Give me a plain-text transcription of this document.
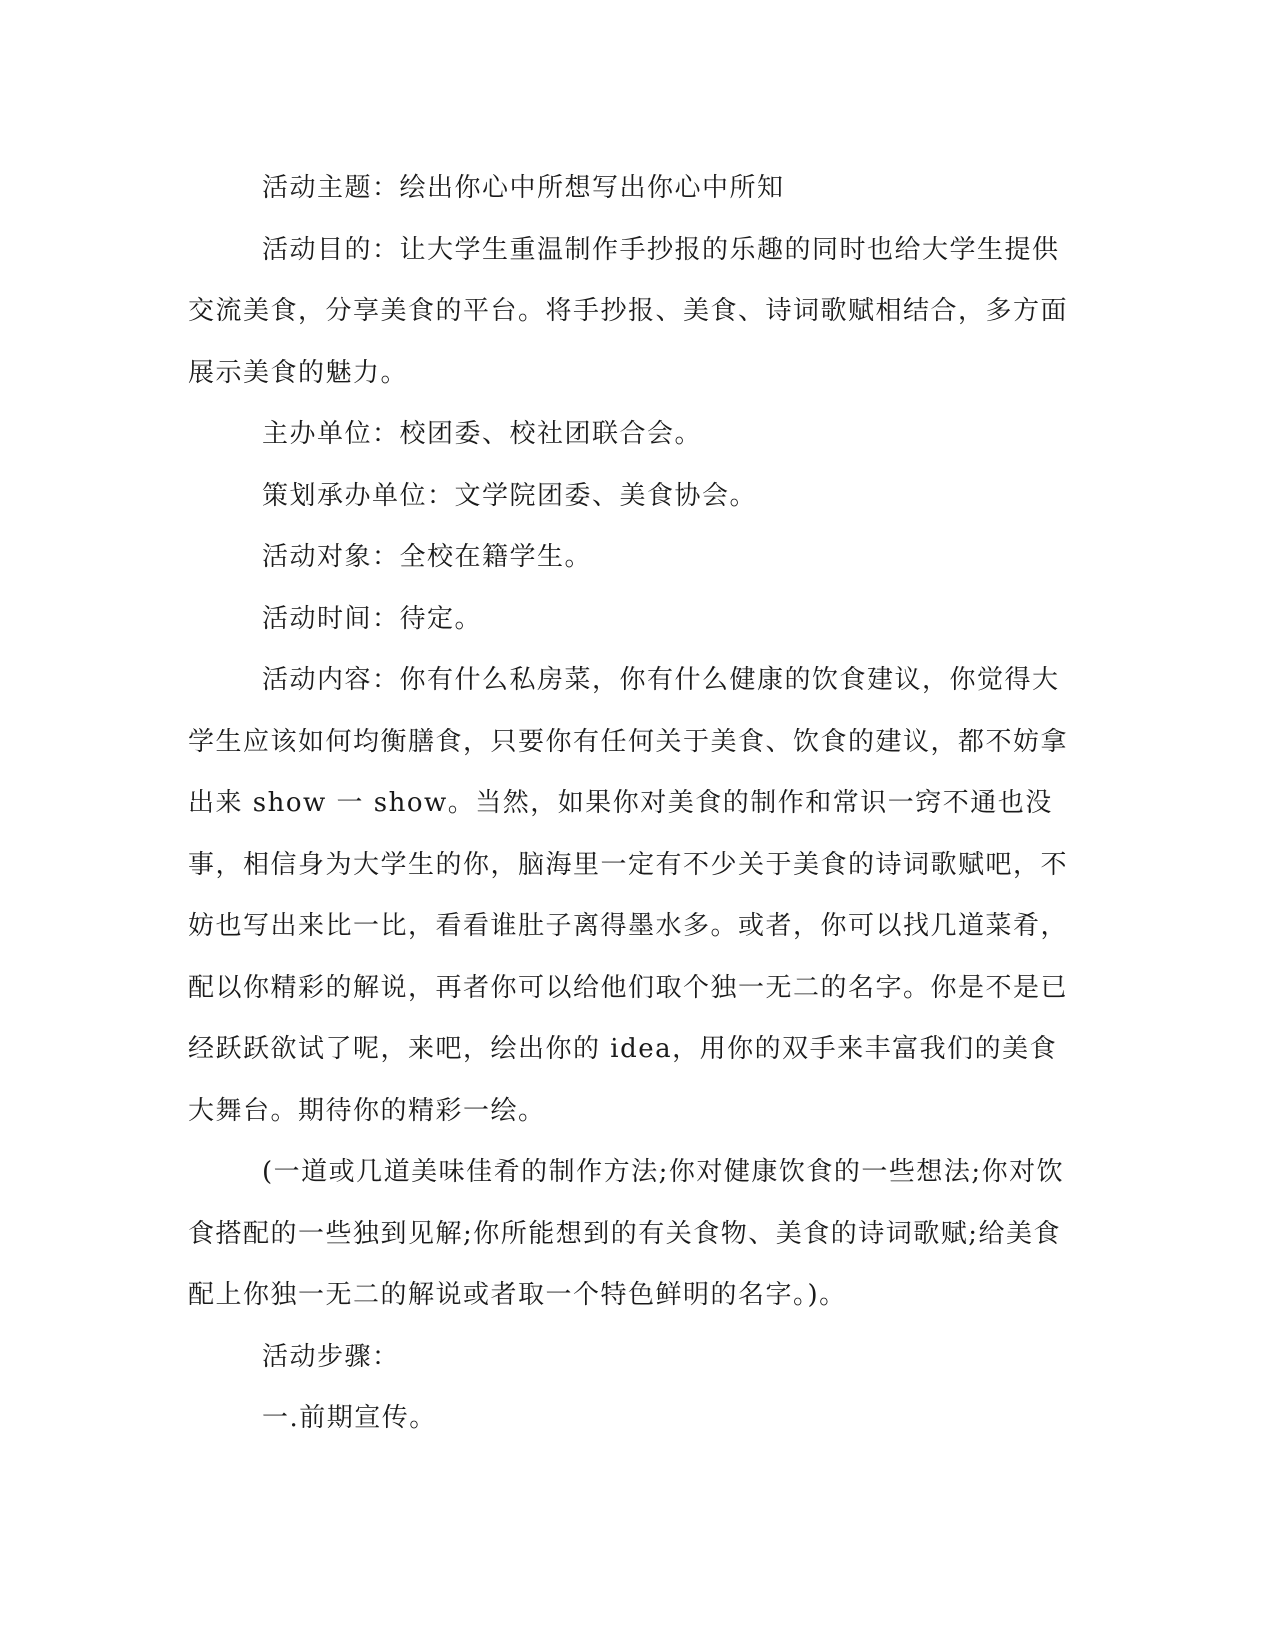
活动主题：绘出你心中所想写出你心中所知

活动目的：让大学生重温制作手抄报的乐趣的同时也给大学生提供交流美食，分享美食的平台。将手抄报、美食、诗词歌赋相结合，多方面展示美食的魅力。

主办单位：校团委、校社团联合会。

策划承办单位：文学院团委、美食协会。

活动对象：全校在籍学生。

活动时间：待定。

活动内容：你有什么私房菜，你有什么健康的饮食建议，你觉得大学生应该如何均衡膳食，只要你有任何关于美食、饮食的建议，都不妨拿出来 show 一 show。当然，如果你对美食的制作和常识一窍不通也没事，相信身为大学生的你，脑海里一定有不少关于美食的诗词歌赋吧，不妨也写出来比一比，看看谁肚子离得墨水多。或者，你可以找几道菜肴，配以你精彩的解说，再者你可以给他们取个独一无二的名字。你是不是已经跃跃欲试了呢，来吧，绘出你的 idea，用你的双手来丰富我们的美食大舞台。期待你的精彩一绘。

(一道或几道美味佳肴的制作方法;你对健康饮食的一些想法;你对饮食搭配的一些独到见解;你所能想到的有关食物、美食的诗词歌赋;给美食配上你独一无二的解说或者取一个特色鲜明的名字。)。

活动步骤：

一.前期宣传。
